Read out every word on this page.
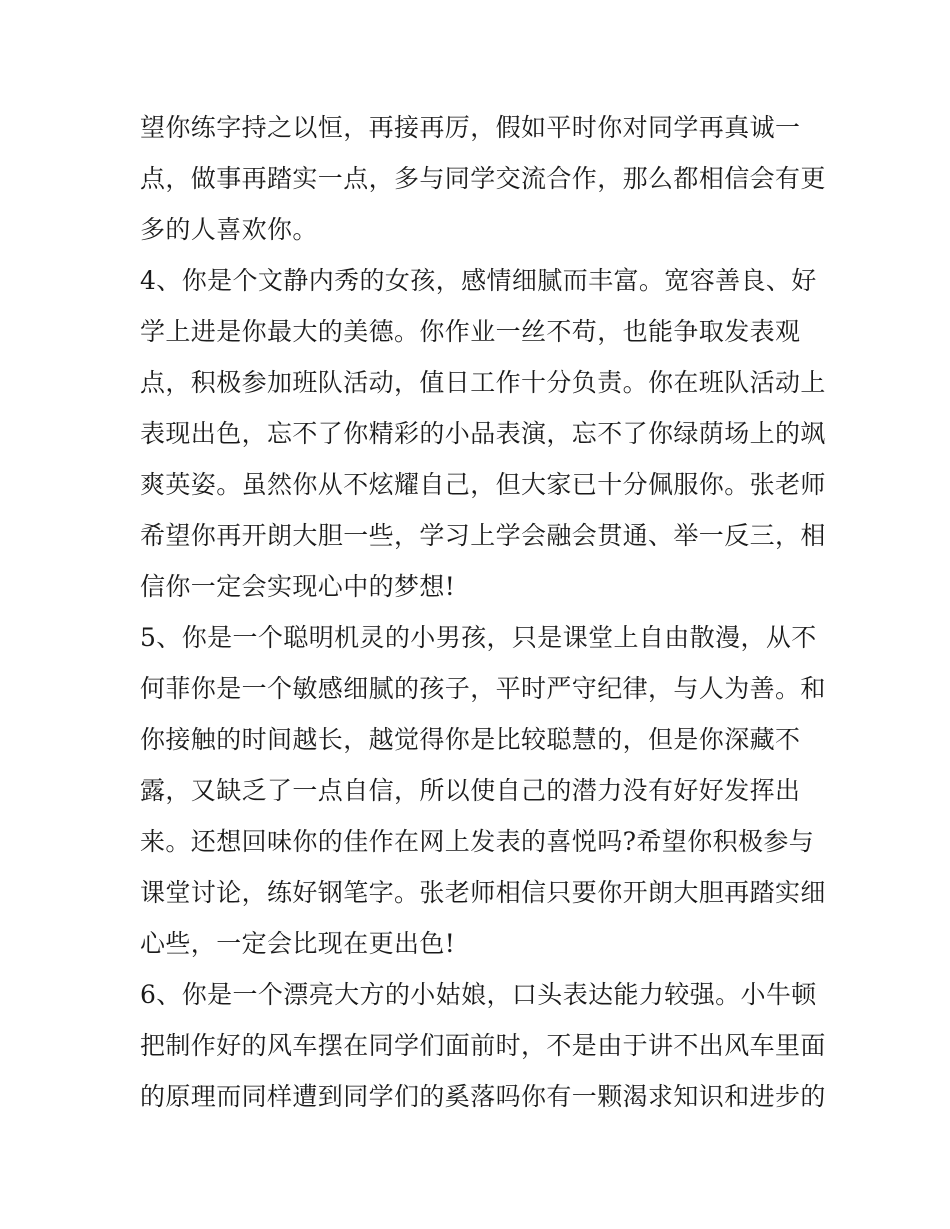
望你练字持之以恒，再接再厉，假如平时你对同学再真诚一
点，做事再踏实一点，多与同学交流合作，那么都相信会有更
多的人喜欢你。
4、你是个文静内秀的女孩，感情细腻而丰富。宽容善良、好
学上进是你最大的美德。你作业一丝不苟，也能争取发表观
点，积极参加班队活动，值日工作十分负责。你在班队活动上
表现出色，忘不了你精彩的小品表演，忘不了你绿荫场上的飒
爽英姿。虽然你从不炫耀自己，但大家已十分佩服你。张老师
希望你再开朗大胆一些，学习上学会融会贯通、举一反三，相
信你一定会实现心中的梦想!
5、你是一个聪明机灵的小男孩，只是课堂上自由散漫，从不
何菲你是一个敏感细腻的孩子，平时严守纪律，与人为善。和
你接触的时间越长，越觉得你是比较聪慧的，但是你深藏不
露，又缺乏了一点自信，所以使自己的潜力没有好好发挥出
来。还想回味你的佳作在网上发表的喜悦吗?希望你积极参与
课堂讨论，练好钢笔字。张老师相信只要你开朗大胆再踏实细
心些，一定会比现在更出色!
6、你是一个漂亮大方的小姑娘，口头表达能力较强。小牛顿
把制作好的风车摆在同学们面前时，不是由于讲不出风车里面
的原理而同样遭到同学们的奚落吗你有一颗渴求知识和进步的
